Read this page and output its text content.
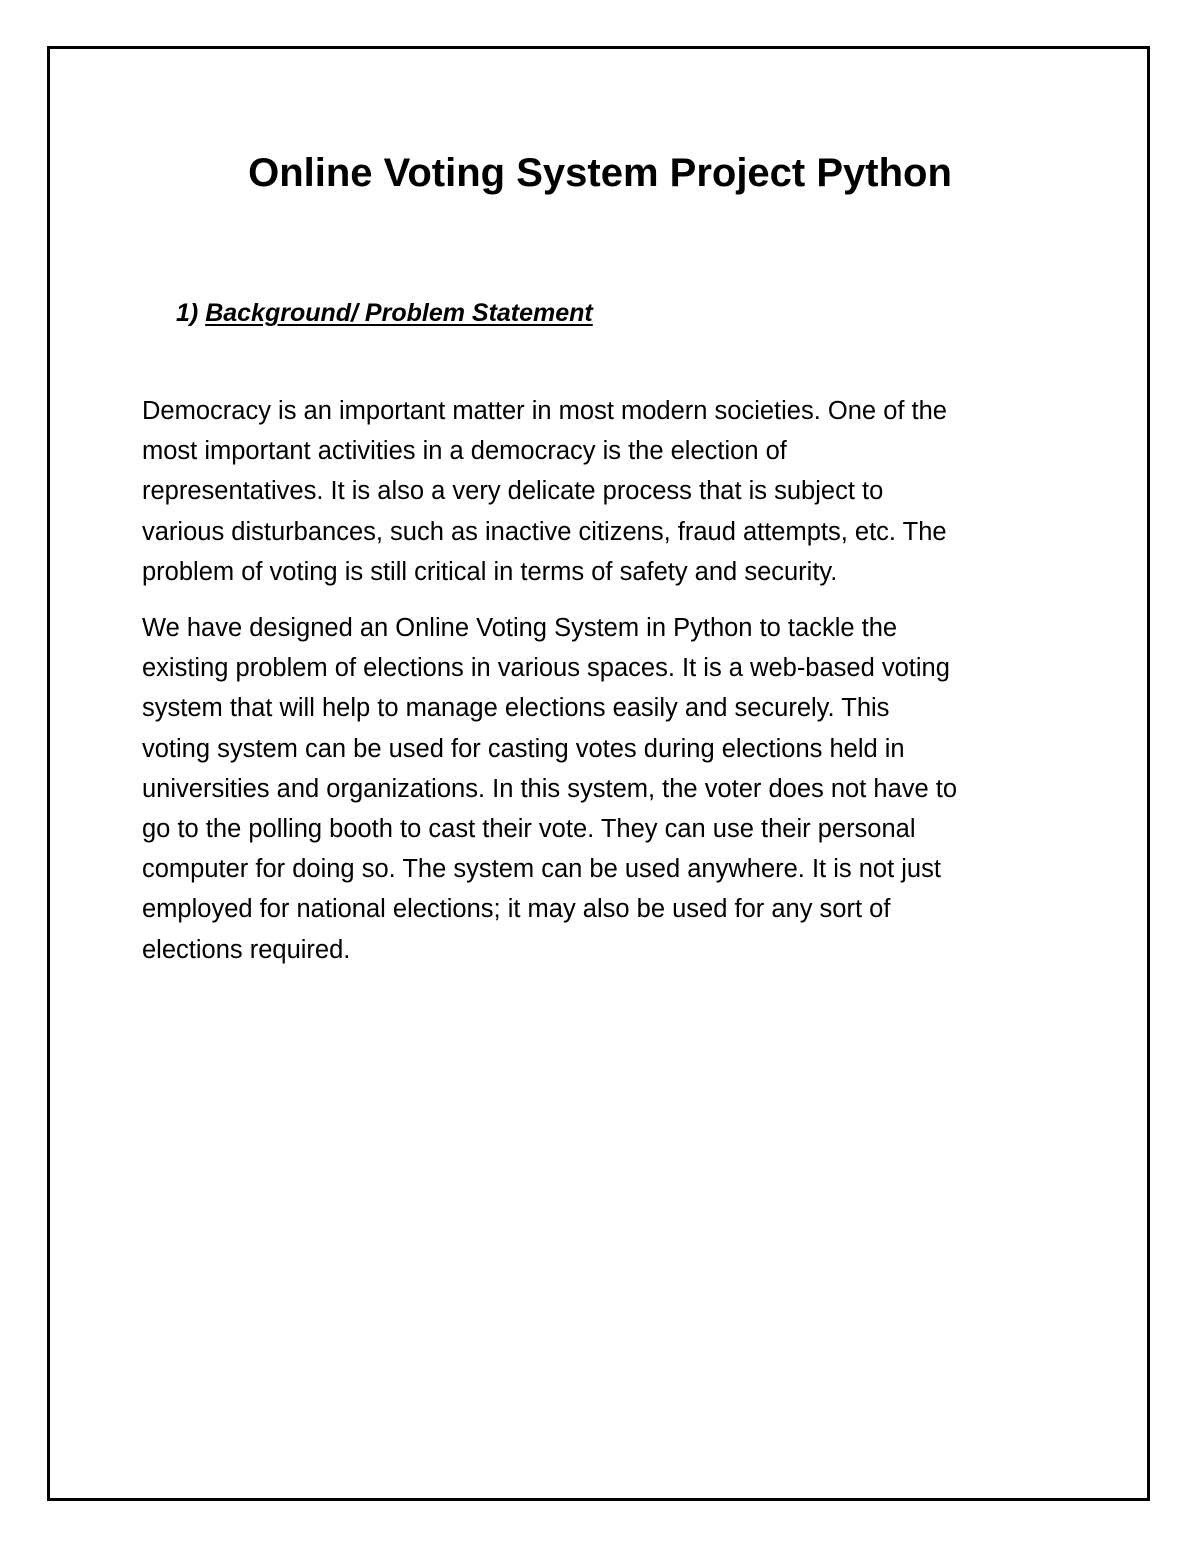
Online Voting System Project Python
1) Background/ Problem Statement

Democracy is an important matter in most modern societies. One of the
most important activities in a democracy is the election of
representatives. It is also a very delicate process that is subject to
various disturbances, such as inactive citizens, fraud attempts, etc. The
problem of voting is still critical in terms of safety and security.

We have designed an Online Voting System in Python to tackle the
existing problem of elections in various spaces. It is a web-based voting
system that will help to manage elections easily and securely. This
voting system can be used for casting votes during elections held in
universities and organizations. In this system, the voter does not have to
go to the polling booth to cast their vote. They can use their personal
computer for doing so. The system can be used anywhere. It is not just
employed for national elections; it may also be used for any sort of
elections required.
